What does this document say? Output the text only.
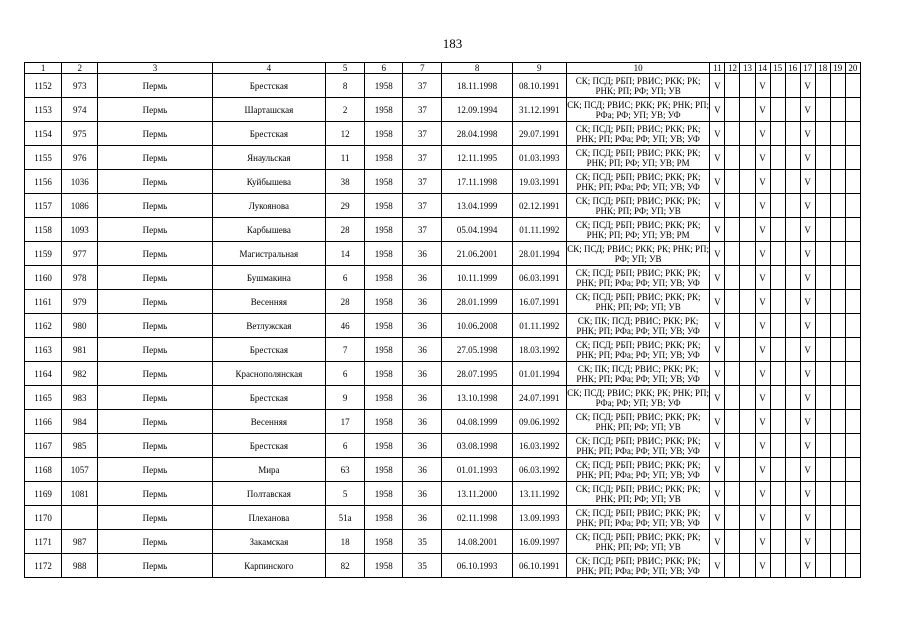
183
1	2	3	4	5	6	7	8	9	10	11	12	13	14	15	16	17	18	19	20
1152	973	Пермь	Брестская	8	1958	37	18.11.1998	08.10.1991	СК; ПСД; РБП; РВИС; РКК; РК; РНК; РП; РФ; УП; УВ	V			V			V			
1153	974	Пермь	Шарташская	2	1958	37	12.09.1994	31.12.1991	СК; ПСД; РВИС; РКК; РК; РНК; РП; РФа; РФ; УП; УВ; УФ	V			V			V			
1154	975	Пермь	Брестская	12	1958	37	28.04.1998	29.07.1991	СК; ПСД; РБП; РВИС; РКК; РК; РНК; РП; РФа; РФ; УП; УВ; УФ	V			V			V			
1155	976	Пермь	Янаульская	11	1958	37	12.11.1995	01.03.1993	СК; ПСД; РБП; РВИС; РКК; РК; РНК; РП; РФ; УП; УВ; РМ	V			V			V			
1156	1036	Пермь	Куйбышева	38	1958	37	17.11.1998	19.03.1991	СК; ПСД; РБП; РВИС; РКК; РК; РНК; РП; РФа; РФ; УП; УВ; УФ	V			V			V			
1157	1086	Пермь	Лукоянова	29	1958	37	13.04.1999	02.12.1991	СК; ПСД; РБП; РВИС; РКК; РК; РНК; РП; РФ; УП; УВ	V			V			V			
1158	1093	Пермь	Карбышева	28	1958	37	05.04.1994	01.11.1992	СК; ПСД; РБП; РВИС; РКК; РК; РНК; РП; РФ; УП; УВ; РМ	V			V			V			
1159	977	Пермь	Магистральная	14	1958	36	21.06.2001	28.01.1994	СК; ПСД; РВИС; РКК; РК; РНК; РП; РФ; УП; УВ	V			V			V			
1160	978	Пермь	Бушмакина	6	1958	36	10.11.1999	06.03.1991	СК; ПСД; РБП; РВИС; РКК; РК; РНК; РП; РФа; РФ; УП; УВ; УФ	V			V			V			
1161	979	Пермь	Весенняя	28	1958	36	28.01.1999	16.07.1991	СК; ПСД; РБП; РВИС; РКК; РК; РНК; РП; РФ; УП; УВ	V			V			V			
1162	980	Пермь	Ветлужская	46	1958	36	10.06.2008	01.11.1992	СК; ПК; ПСД; РВИС; РКК; РК; РНК; РП; РФа; РФ; УП; УВ; УФ	V			V			V			
1163	981	Пермь	Брестская	7	1958	36	27.05.1998	18.03.1992	СК; ПСД; РБП; РВИС; РКК; РК; РНК; РП; РФа; РФ; УП; УВ; УФ	V			V			V			
1164	982	Пермь	Краснополянская	6	1958	36	28.07.1995	01.01.1994	СК; ПК; ПСД; РВИС; РКК; РК; РНК; РП; РФа; РФ; УП; УВ; УФ	V			V			V			
1165	983	Пермь	Брестская	9	1958	36	13.10.1998	24.07.1991	СК; ПСД; РВИС; РКК; РК; РНК; РП; РФа; РФ; УП; УВ; УФ	V			V			V			
1166	984	Пермь	Весенняя	17	1958	36	04.08.1999	09.06.1992	СК; ПСД; РБП; РВИС; РКК; РК; РНК; РП; РФ; УП; УВ	V			V			V			
1167	985	Пермь	Брестская	6	1958	36	03.08.1998	16.03.1992	СК; ПСД; РБП; РВИС; РКК; РК; РНК; РП; РФа; РФ; УП; УВ; УФ	V			V			V			
1168	1057	Пермь	Мира	63	1958	36	01.01.1993	06.03.1992	СК; ПСД; РБП; РВИС; РКК; РК; РНК; РП; РФа; РФ; УП; УВ; УФ	V			V			V			
1169	1081	Пермь	Полтавская	5	1958	36	13.11.2000	13.11.1992	СК; ПСД; РБП; РВИС; РКК; РК; РНК; РП; РФ; УП; УВ	V			V			V			
1170		Пермь	Плеханова	51а	1958	36	02.11.1998	13.09.1993	СК; ПСД; РБП; РВИС; РКК; РК; РНК; РП; РФа; РФ; УП; УВ; УФ	V			V			V			
1171	987	Пермь	Закамская	18	1958	35	14.08.2001	16.09.1997	СК; ПСД; РБП; РВИС; РКК; РК; РНК; РП; РФ; УП; УВ	V			V			V			
1172	988	Пермь	Карпинского	82	1958	35	06.10.1993	06.10.1991	СК; ПСД; РБП; РВИС; РКК; РК; РНК; РП; РФа; РФ; УП; УВ; УФ	V			V			V			
